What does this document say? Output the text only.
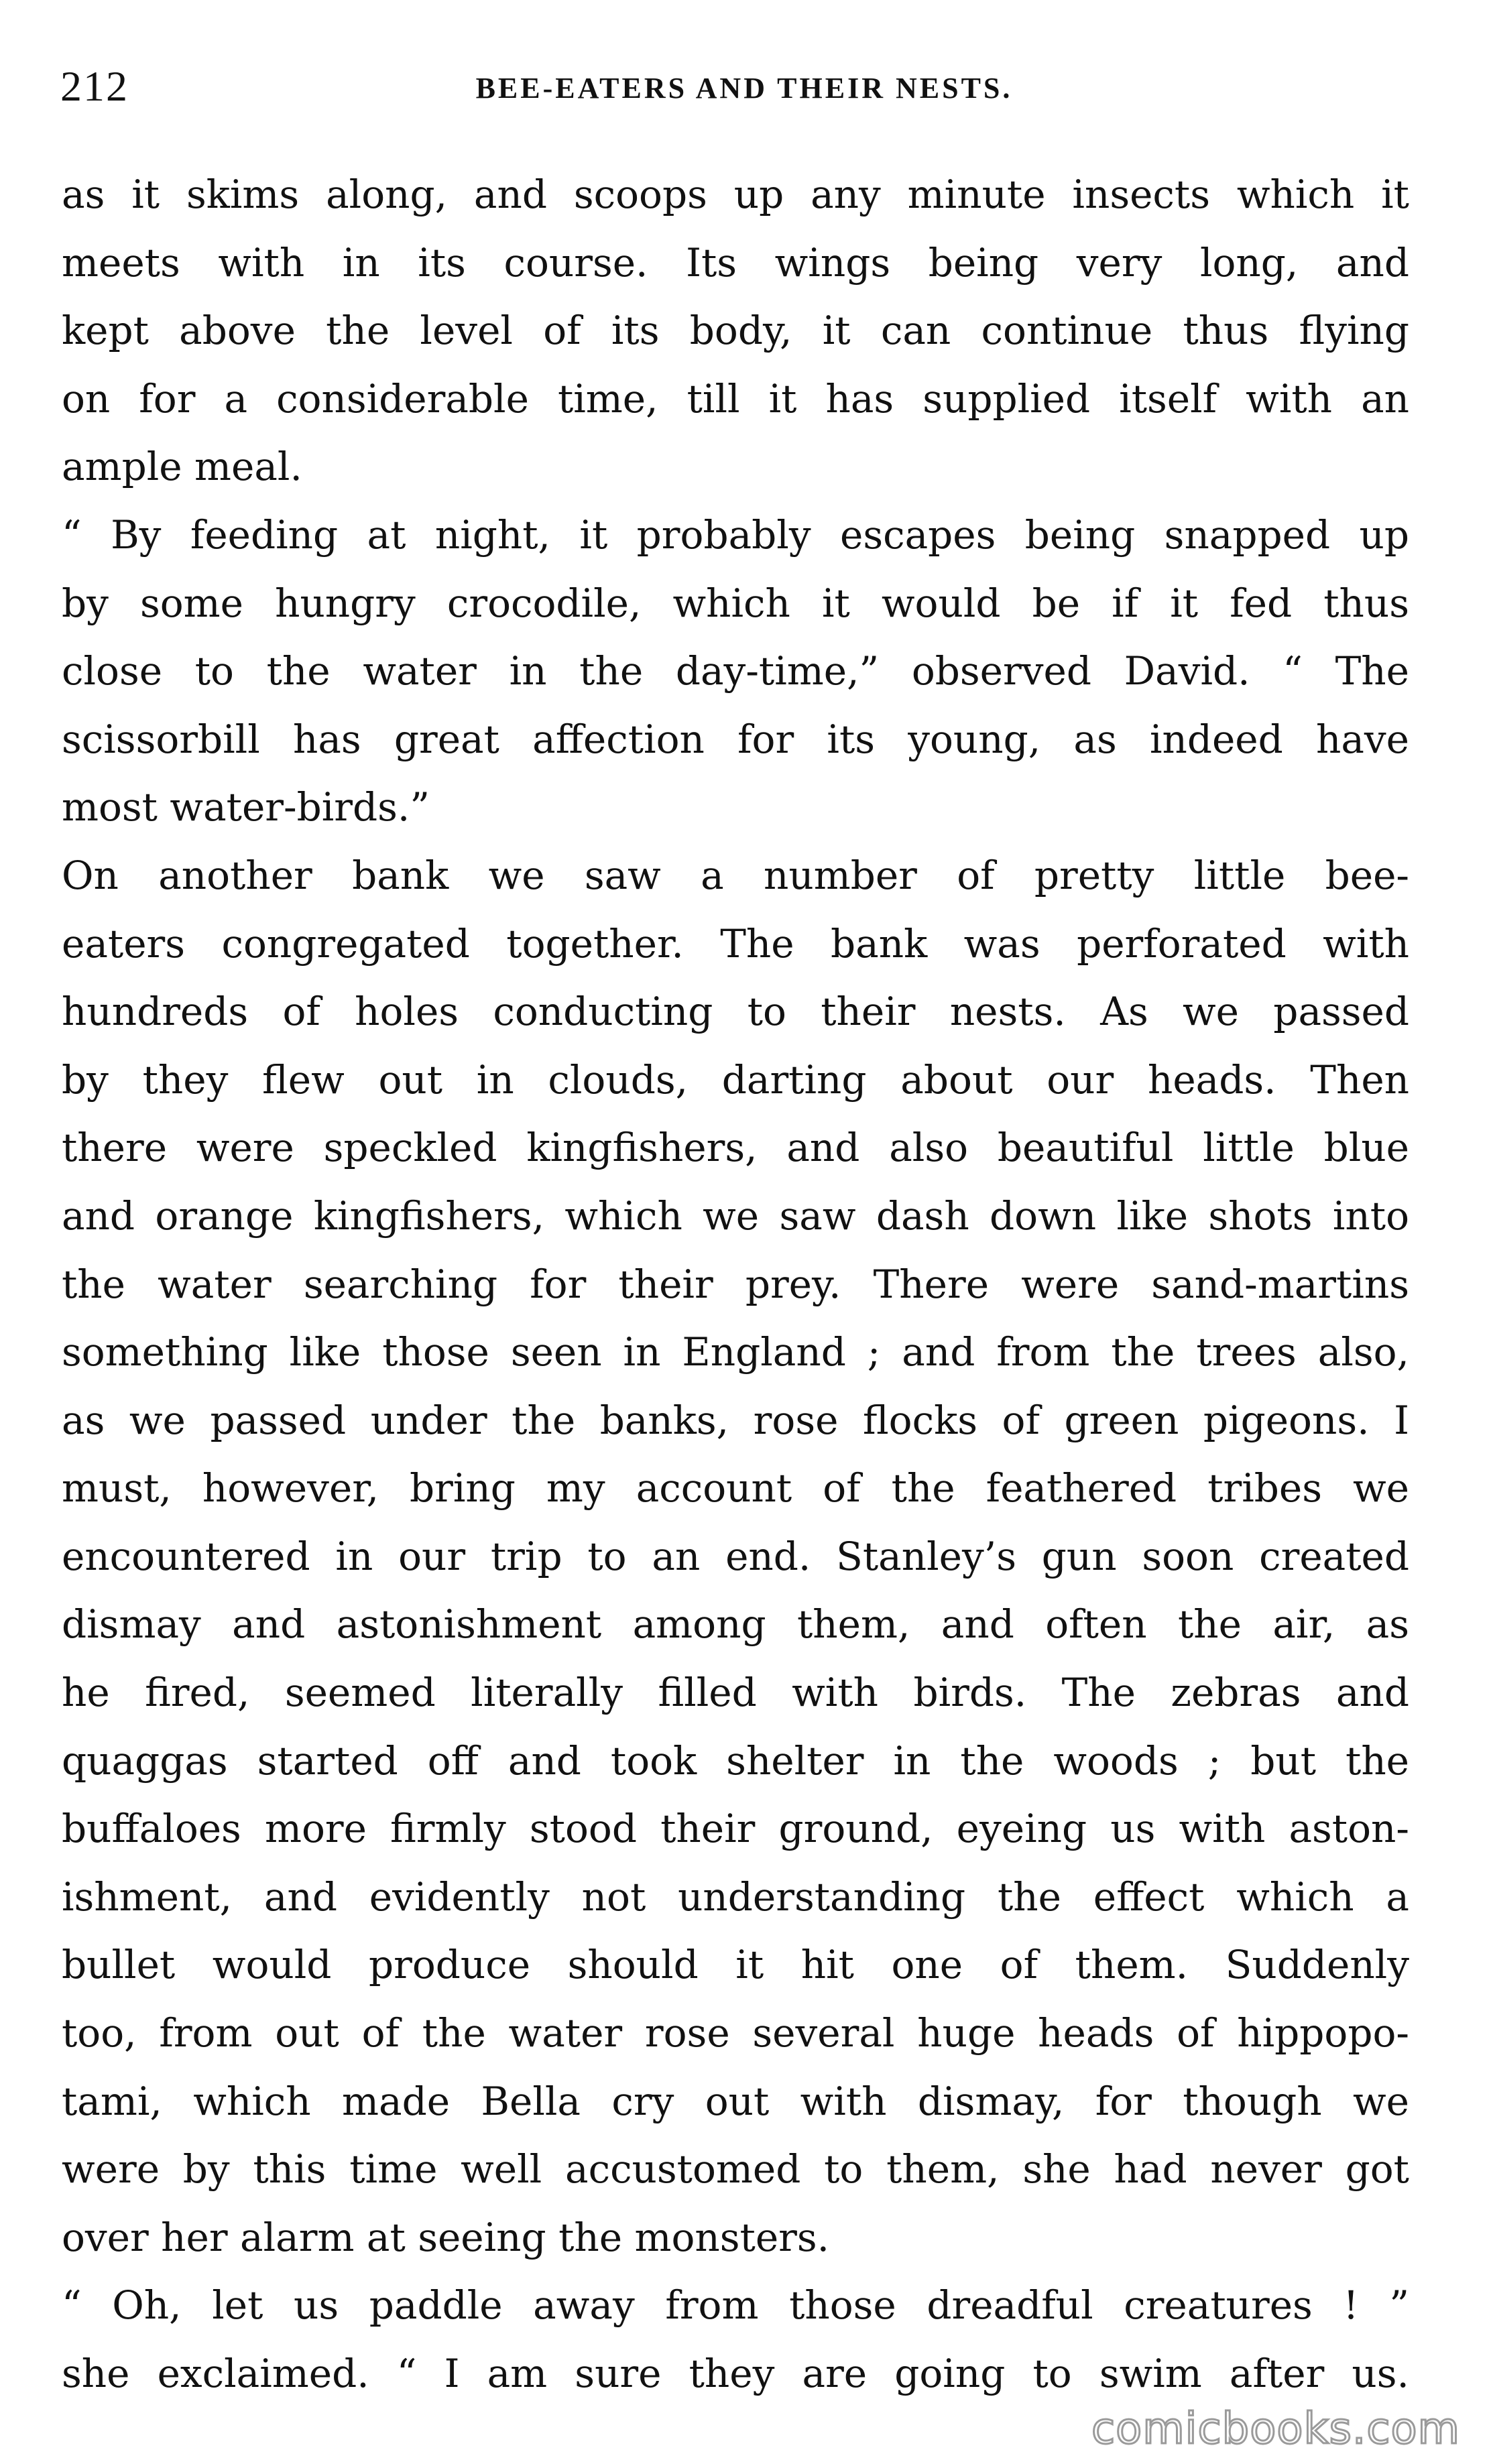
212	BEE-EATERS AND THEIR NESTS.
as it skims along, and scoops up any minute insects which it
meets with in its course. Its wings being very long, and
kept above the level of its body, it can continue thus flying
on for a considerable time, till it has supplied itself with an
ample meal.
“ By feeding at night, it probably escapes being snapped up
by some hungry crocodile, which it would be if it fed thus
close to the water in the day-time,” observed David. “ The
scissorbill has great affection for its young, as indeed have
most water-birds.”
On another bank we saw a number of pretty little bee-
eaters congregated together. The bank was perforated with
hundreds of holes conducting to their nests. As we passed
by they flew out in clouds, darting about our heads. Then
there were speckled kingfishers, and also beautiful little blue
and orange kingfishers, which we saw dash down like shots into
the water searching for their prey. There were sand-martins
something like those seen in England ; and from the trees also,
as we passed under the banks, rose flocks of green pigeons. I
must, however, bring my account of the feathered tribes we
encountered in our trip to an end. Stanley’s gun soon created
dismay and astonishment among them, and often the air, as
he fired, seemed literally filled with birds. The zebras and
quaggas started off and took shelter in the woods ; but the
buffaloes more firmly stood their ground, eyeing us with aston-
ishment, and evidently not understanding the effect which a
bullet would produce should it hit one of them. Suddenly
too, from out of the water rose several huge heads of hippopo-
tami, which made Bella cry out with dismay, for though we
were by this time well accustomed to them, she had never got
over her alarm at seeing the monsters.
“ Oh, let us paddle away from those dreadful creatures ! ”
she exclaimed. “ I am sure they are going to swim after us.
comicbooks.com
